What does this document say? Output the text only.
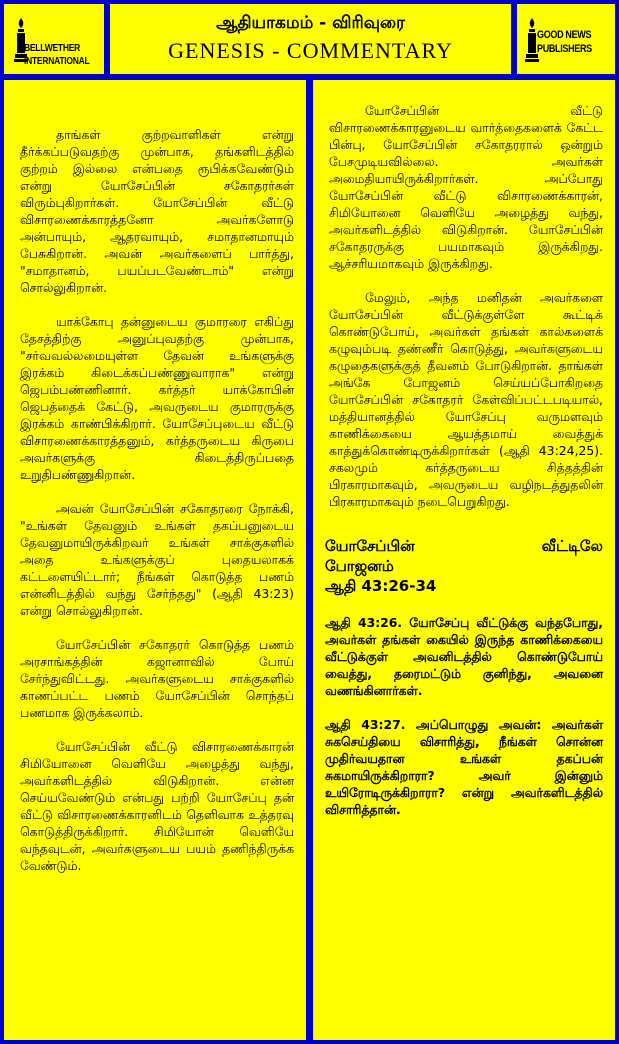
BELLWETHER
INTERNATIONAL
ஆதியாகமம் - விரிவுரை
GENESIS - COMMENTARY
GOOD NEWS
PUBLISHERS

தாங்கள் குற்றவாளிகள் என்று தீர்க்கப்படுவதற்கு முன்பாக, தங்களிடத்தில் குற்றம் இல்லை என்பதை ரூபிக்கவேண்டும் என்று யோசேப்பின் சகோதரர்கள் விரும்புகிறார்கள். யோசேப்பின் வீட்டு விசாரணைக்காரத்தனோ அவர்களோடு அன்பாயும், ஆதரவாயும், சமாதானமாயும் பேசுகிறான். அவன் அவர்களைப் பார்த்து, "சமாதானம், பயப்படவேண்டாம்" என்று சொல்லுகிறான்.

யாக்கோபு தன்னுடைய குமாரரை எகிப்து தேசத்திற்கு அனுப்புவதற்கு முன்பாக, "சர்வவல்லமையுள்ள தேவன் உங்களுக்கு இரக்கம் கிடைக்கப்பண்ணுவாராக" என்று ஜெபம்பண்ணினார். கர்த்தர் யாக்கோபின் ஜெபத்தைக் கேட்டு, அவருடைய குமாரருக்கு இரக்கம் காண்பிக்கிறார். யோசேப்புடைய வீட்டு விசாரணைக்காரத்தனும், கர்த்தருடைய கிருபை அவர்களுக்கு கிடைத்திருப்பதை உறுதிபண்ணுகிறான்.

அவன் யோசேப்பின் சகோதரரை நோக்கி, "உங்கள் தேவனும் உங்கள் தகப்பனுடைய தேவனுமாயிருக்கிறவர் உங்கள் சாக்குகளில் அதை உங்களுக்குப் புதையலாகக் கட்டளையிட்டார்; நீங்கள் கொடுத்த பணம் என்னிடத்தில் வந்து சேர்ந்தது" (ஆதி 43:23) என்று சொல்லுகிறான்.

யோசேப்பின் சகோதரர் கொடுத்த பணம் அரசாங்கத்தின் கஜானாவில் போய் சேர்ந்துவிட்டது. அவர்களுடைய சாக்குகளில் காணப்பட்ட பணம் யோசேப்பின் சொந்தப் பணமாக இருக்கலாம்.

யோசேப்பின் வீட்டு விசாரணைக்காரன் சிமியோனை வெளியே அழைத்து வந்து, அவர்களிடத்தில் விடுகிறான். என்ன செய்யவேண்டும் என்பது பற்றி யோசேப்பு தன் வீட்டு விசாரணைக்காரனிடம் தெளிவாக உத்தரவு கொடுத்திருக்கிறார். சிமியோன் வெளியே வந்தவுடன், அவர்களுடைய பயம் தணிந்திருக்க வேண்டும்.

யோசேப்பின் வீட்டு விசாரணைக்காரனுடைய வார்த்தைகளைக் கேட்ட பின்பு, யோசேப்பின் சகோதரரால் ஒன்றும் பேசமுடியவில்லை. அவர்கள் அமைதியாயிருக்கிறார்கள். அப்போது யோசேப்பின் வீட்டு விசாரணைக்காரன், சிமியோனை வெளியே அழைத்து வந்து, அவர்களிடத்தில் விடுகிறான். யோசேப்பின் சகோதரருக்கு பயமாகவும் இருக்கிறது. ஆச்சரியமாகவும் இருக்கிறது.

மேலும், அந்த மனிதன் அவர்களை யோசேப்பின் வீட்டுக்குள்ளே கூட்டிக் கொண்டுபோய், அவர்கள் தங்கள் கால்களைக் கழுவும்படி தண்ணீர் கொடுத்து, அவர்களுடைய கழுதைகளுக்குத் தீவனம் போடுகிறான். தாங்கள் அங்கே போஜனம் செய்யப்போகிறதை யோசேப்பின் சகோதரர் கேள்விப்பட்டபடியால், மத்தியானத்தில் யோசேப்பு வருமளவும் காணிக்கையை ஆயத்தமாய் வைத்துக் காத்துக்கொண்டிருக்கிறார்கள் (ஆதி 43:24,25). சகலமும் கர்த்தருடைய சித்தத்தின் பிரகாரமாகவும், அவருடைய வழிநடத்துதலின் பிரகாரமாகவும் நடைபெறுகிறது.

யோசேப்பின் வீட்டிலே
போஜனம்
ஆதி 43:26-34

ஆதி 43:26. யோசேப்பு வீட்டுக்கு வந்தபோது, அவர்கள் தங்கள் கையில் இருந்த காணிக்கையை வீட்டுக்குள் அவனிடத்தில் கொண்டுபோய் வைத்து, தரைமட்டும் குனிந்து, அவனை வணங்கினார்கள்.

ஆதி 43:27. அப்பொழுது அவன்: அவர்கள் சுகசெய்தியை விசாரித்து, நீங்கள் சொன்ன முதிர்வயதான உங்கள் தகப்பன் சுகமாயிருக்கிறாரா? அவர் இன்னும் உயிரோடிருக்கிறாரா? என்று அவர்களிடத்தில் விசாரித்தான்.
